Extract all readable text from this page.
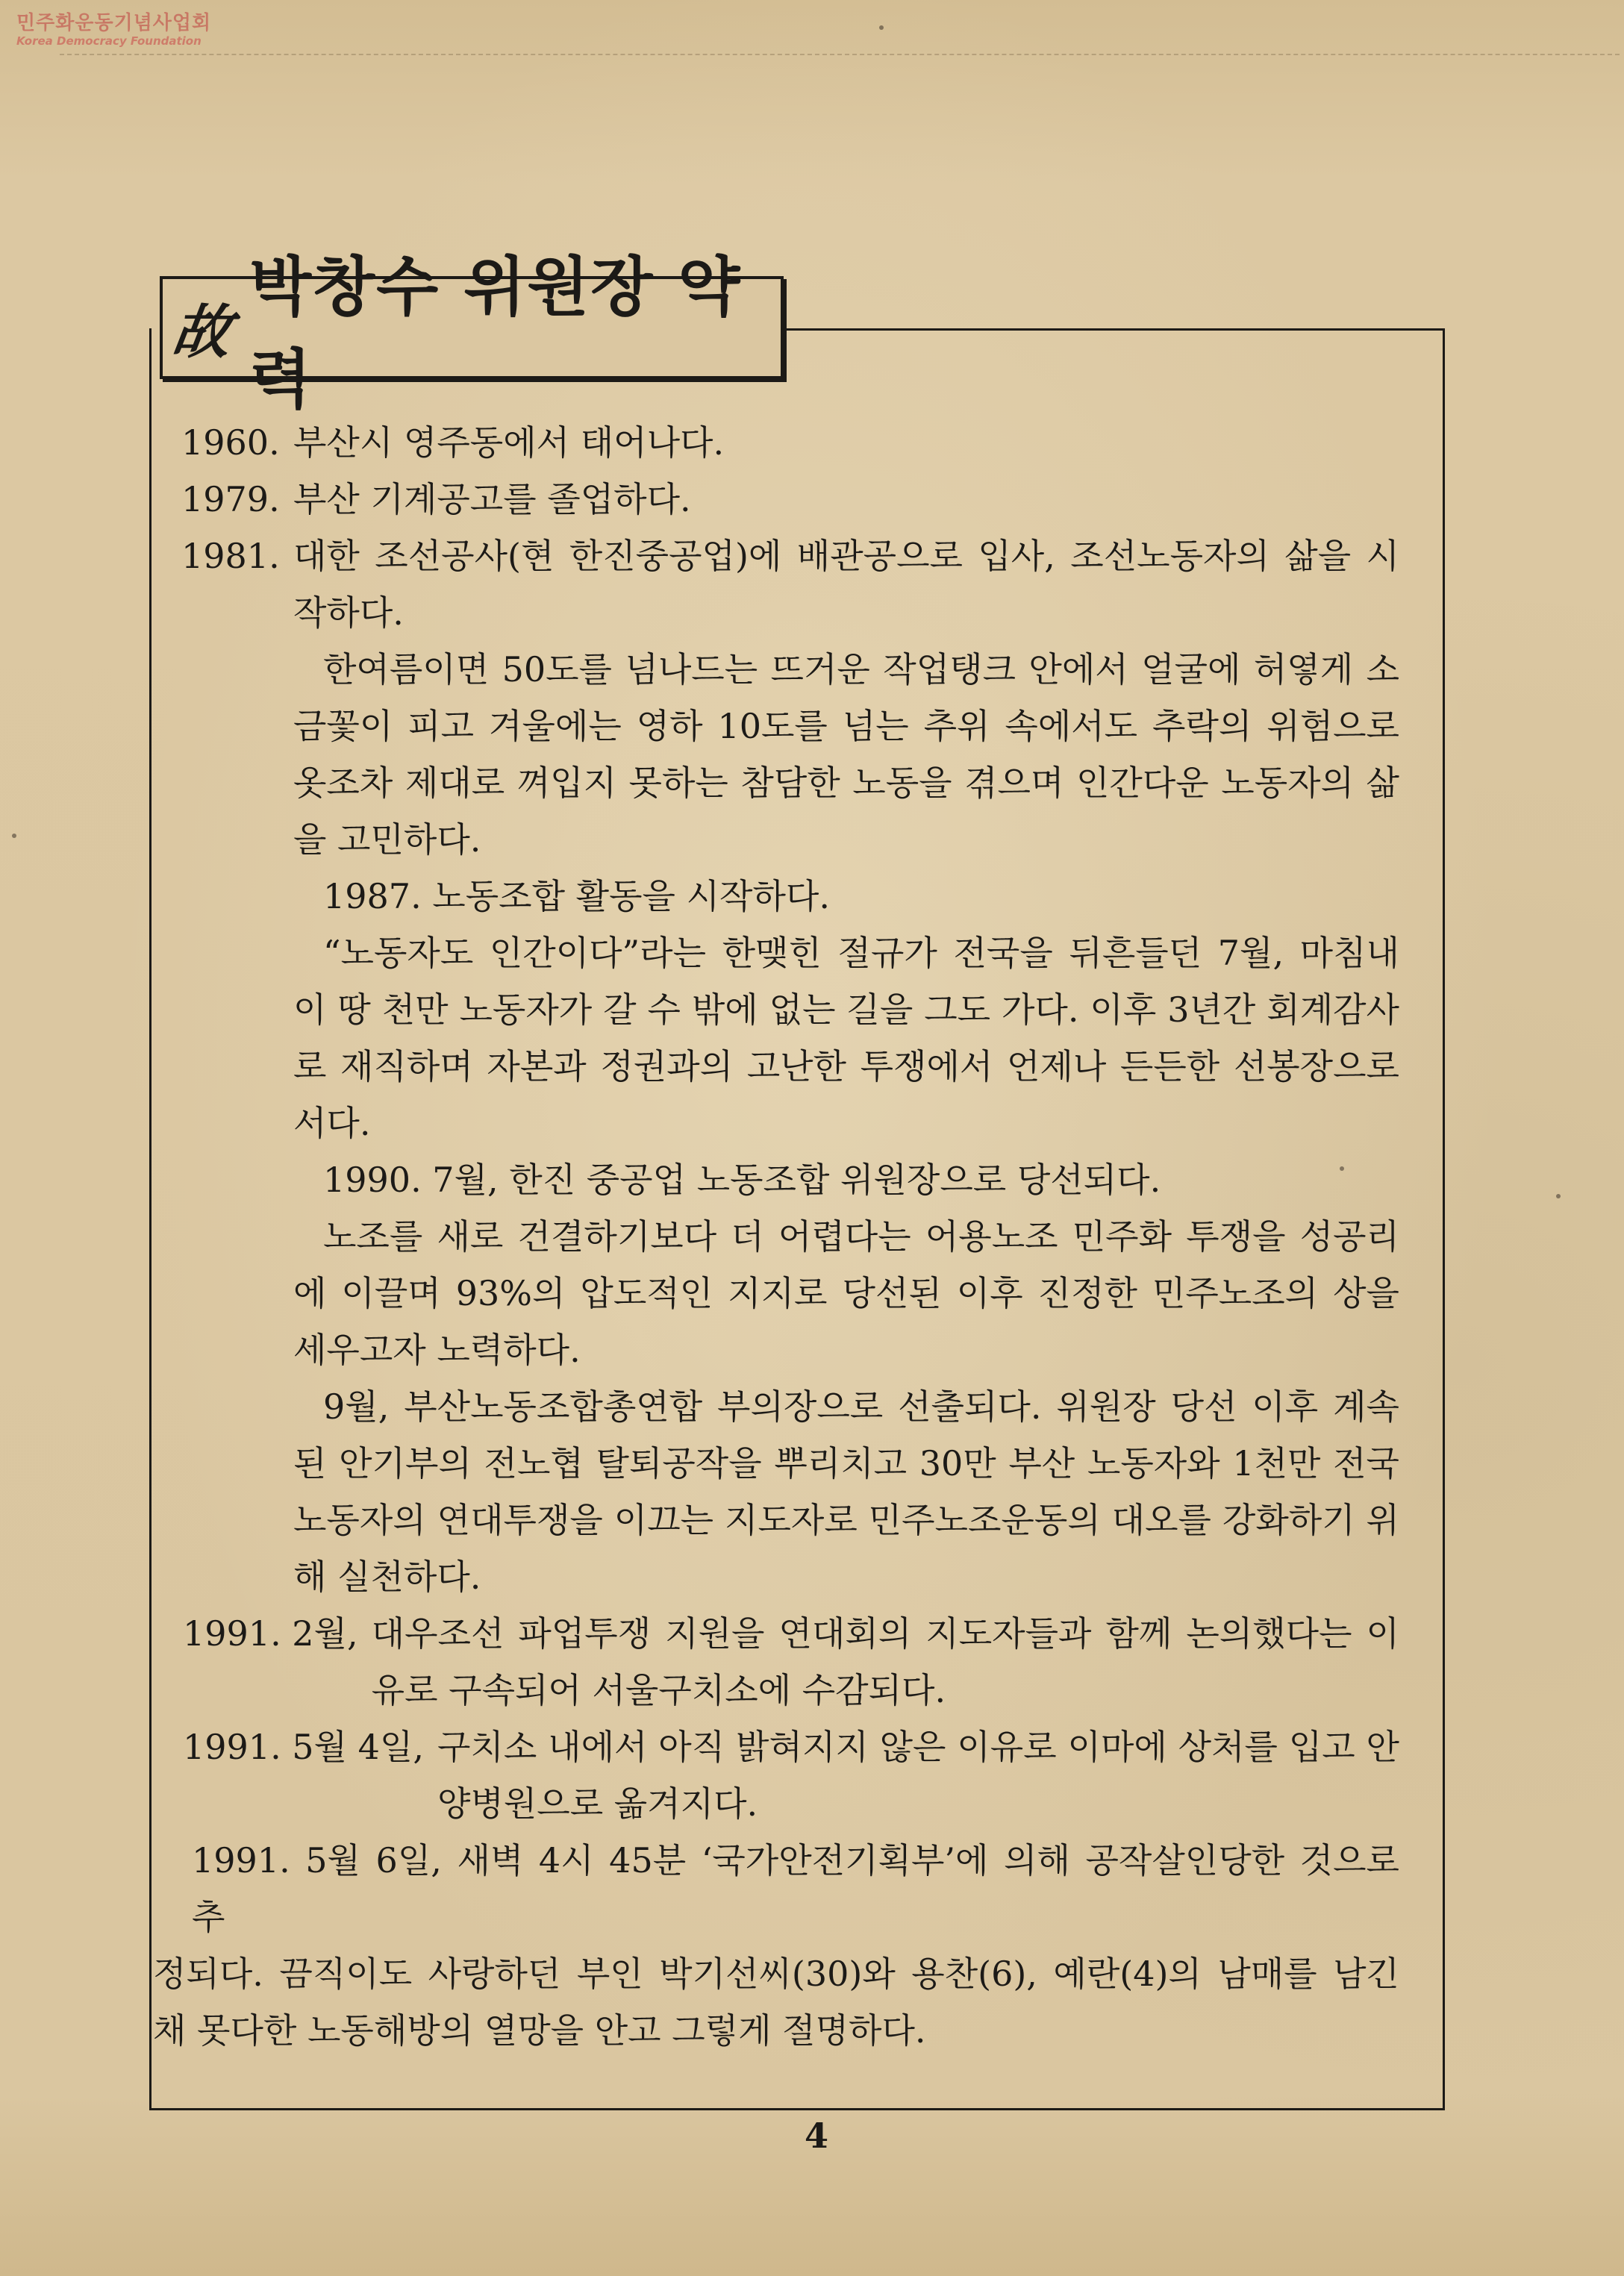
민주화운동기념사업회
Korea Democracy Foundation
故
박창수 위원장 약력
1960. 부산시 영주동에서 태어나다.
1979. 부산 기계공고를 졸업하다.
1981. 대한 조선공사(현 한진중공업)에 배관공으로 입사, 조선노동자의 삶을 시작하다.

한여름이면 50도를 넘나드는 뜨거운 작업탱크 안에서 얼굴에 허옇게 소금꽃이 피고 겨울에는 영하 10도를 넘는 추위 속에서도 추락의 위험으로 옷조차 제대로 껴입지 못하는 참담한 노동을 겪으며 인간다운 노동자의 삶을 고민하다.

1987. 노동조합 활동을 시작하다.

“노동자도 인간이다”라는 한맺힌 절규가 전국을 뒤흔들던 7월, 마침내 이 땅 천만 노동자가 갈 수 밖에 없는 길을 그도 가다. 이후 3년간 회계감사로 재직하며 자본과 정권과의 고난한 투쟁에서 언제나 든든한 선봉장으로 서다.

1990. 7월, 한진 중공업 노동조합 위원장으로 당선되다.

노조를 새로 건결하기보다 더 어렵다는 어용노조 민주화 투쟁을 성공리에 이끌며 93%의 압도적인 지지로 당선된 이후 진정한 민주노조의 상을 세우고자 노력하다.

9월, 부산노동조합총연합 부의장으로 선출되다. 위원장 당선 이후 계속된 안기부의 전노협 탈퇴공작을 뿌리치고 30만 부산 노동자와 1천만 전국 노동자의 연대투쟁을 이끄는 지도자로 민주노조운동의 대오를 강화하기 위해 실천하다.

1991. 2월, 대우조선 파업투쟁 지원을 연대회의 지도자들과 함께 논의했다는 이유로 구속되어 서울구치소에 수감되다.
1991. 5월 4일, 구치소 내에서 아직 밝혀지지 않은 이유로 이마에 상처를 입고 안양병원으로 옮겨지다.

1991. 5월 6일, 새벽 4시 45분 ‘국가안전기획부’에 의해 공작살인당한 것으로 추
정되다. 끔직이도 사랑하던 부인 박기선씨(30)와 용찬(6), 예란(4)의 남매를 남긴 채 못다한 노동해방의 열망을 안고 그렇게 절명하다.

4
